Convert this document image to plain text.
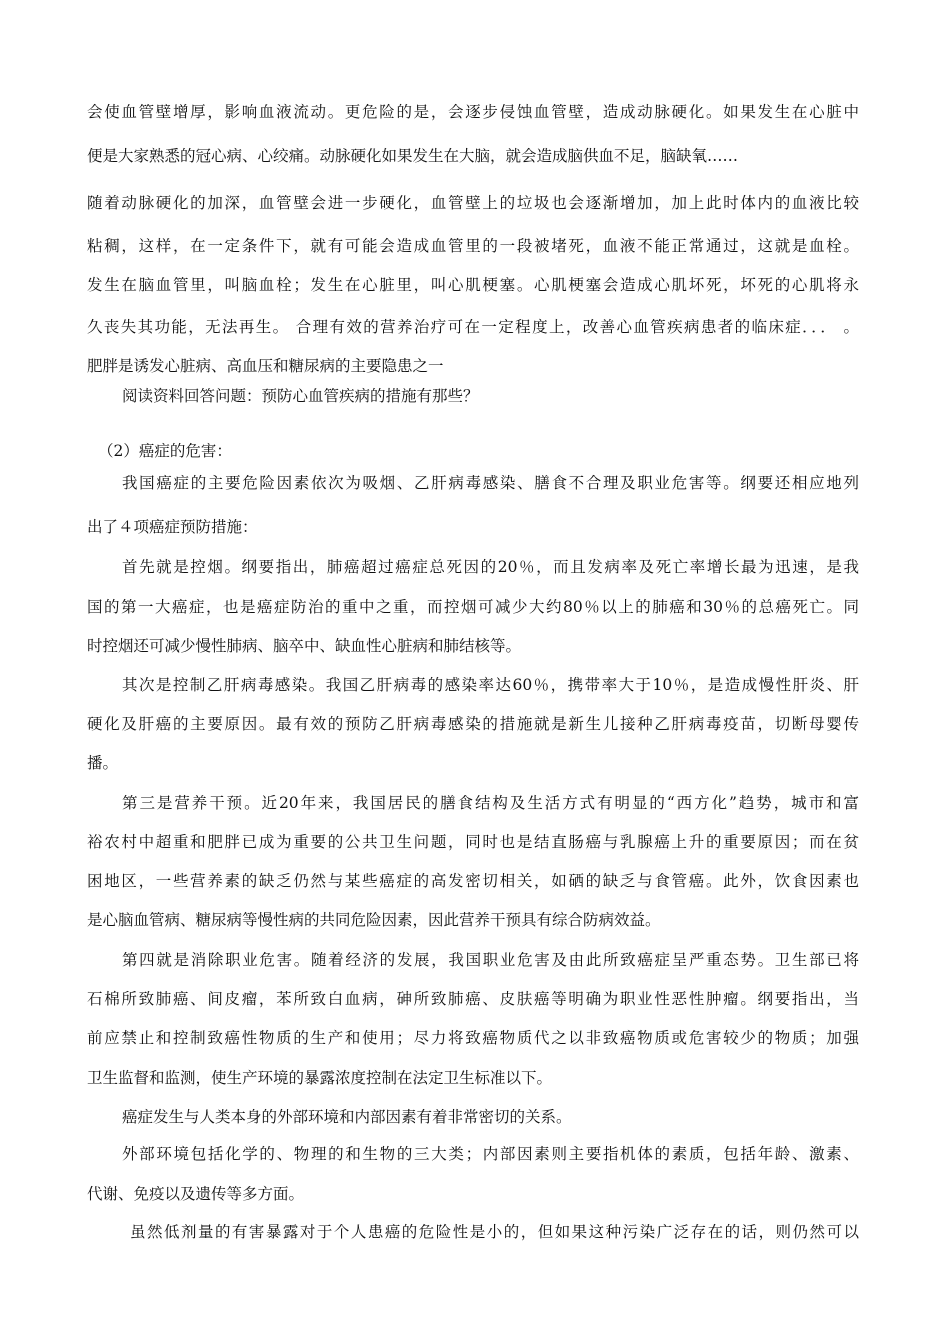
会使血管壁增厚，影响血液流动。更危险的是，会逐步侵蚀血管壁，造成动脉硬化。如果发生在心脏中
便是大家熟悉的冠心病、心绞痛。动脉硬化如果发生在大脑，就会造成脑供血不足，脑缺氧……
随着动脉硬化的加深，血管壁会进一步硬化，血管壁上的垃圾也会逐渐增加，加上此时体内的血液比较
粘稠，这样，在一定条件下，就有可能会造成血管里的一段被堵死，血液不能正常通过，这就是血栓。
发生在脑血管里，叫脑血栓；发生在心脏里，叫心肌梗塞。心肌梗塞会造成心肌坏死，坏死的心肌将永
久丧失其功能，无法再生。 合理有效的营养治疗可在一定程度上，改善心血管疾病患者的临床症．．． 。
肥胖是诱发心脏病、高血压和糖尿病的主要隐患之一
阅读资料回答问题：预防心血管疾病的措施有那些？
（2）癌症的危害：
我国癌症的主要危险因素依次为吸烟、乙肝病毒感染、膳食不合理及职业危害等。纲要还相应地列
出了４项癌症预防措施：
首先就是控烟。纲要指出，肺癌超过癌症总死因的20％，而且发病率及死亡率增长最为迅速，是我
国的第一大癌症，也是癌症防治的重中之重，而控烟可减少大约80％以上的肺癌和30％的总癌死亡。同
时控烟还可减少慢性肺病、脑卒中、缺血性心脏病和肺结核等。
其次是控制乙肝病毒感染。我国乙肝病毒的感染率达60％，携带率大于10％，是造成慢性肝炎、肝
硬化及肝癌的主要原因。最有效的预防乙肝病毒感染的措施就是新生儿接种乙肝病毒疫苗，切断母婴传
播。
第三是营养干预。近20年来，我国居民的膳食结构及生活方式有明显的“西方化”趋势，城市和富
裕农村中超重和肥胖已成为重要的公共卫生问题，同时也是结直肠癌与乳腺癌上升的重要原因；而在贫
困地区，一些营养素的缺乏仍然与某些癌症的高发密切相关，如硒的缺乏与食管癌。此外，饮食因素也
是心脑血管病、糖尿病等慢性病的共同危险因素，因此营养干预具有综合防病效益。
第四就是消除职业危害。随着经济的发展，我国职业危害及由此所致癌症呈严重态势。卫生部已将
石棉所致肺癌、间皮瘤，苯所致白血病，砷所致肺癌、皮肤癌等明确为职业性恶性肿瘤。纲要指出，当
前应禁止和控制致癌性物质的生产和使用；尽力将致癌物质代之以非致癌物质或危害较少的物质；加强
卫生监督和监测，使生产环境的暴露浓度控制在法定卫生标准以下。
癌症发生与人类本身的外部环境和内部因素有着非常密切的关系。
外部环境包括化学的、物理的和生物的三大类；内部因素则主要指机体的素质，包括年龄、激素、
代谢、免疫以及遗传等多方面。
虽然低剂量的有害暴露对于个人患癌的危险性是小的，但如果这种污染广泛存在的话，则仍然可以
